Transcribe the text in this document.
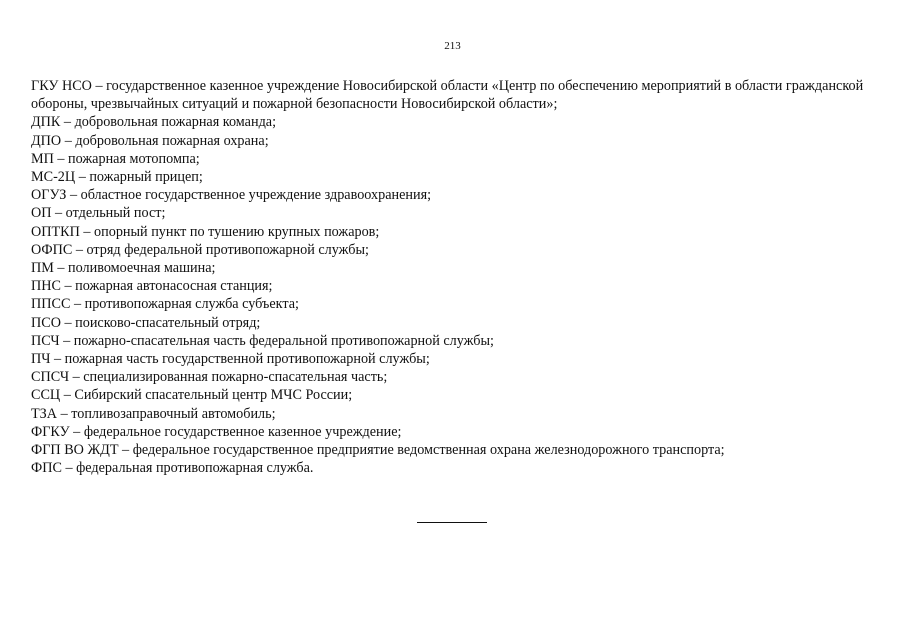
213
ГКУ НСО – государственное казенное учреждение Новосибирской области «Центр по обеспечению мероприятий в области гражданской обороны, чрезвычайных ситуаций и пожарной безопасности Новосибирской области»;
ДПК – добровольная пожарная команда;
ДПО – добровольная пожарная охрана;
МП – пожарная мотопомпа;
МС-2Ц – пожарный прицеп;
ОГУЗ – областное государственное учреждение здравоохранения;
ОП – отдельный пост;
ОПТКП – опорный пункт по тушению крупных пожаров;
ОФПС – отряд федеральной противопожарной службы;
ПМ – поливомоечная машина;
ПНС – пожарная автонасосная станция;
ППСС – противопожарная служба субъекта;
ПСО – поисково-спасательный отряд;
ПСЧ – пожарно-спасательная часть федеральной противопожарной службы;
ПЧ – пожарная часть государственной противопожарной службы;
СПСЧ – специализированная пожарно-спасательная часть;
ССЦ – Сибирский спасательный центр МЧС России;
ТЗА – топливозаправочный автомобиль;
ФГКУ – федеральное государственное казенное учреждение;
ФГП ВО ЖДТ – федеральное государственное предприятие ведомственная охрана железнодорожного транспорта;
ФПС – федеральная противопожарная служба.
